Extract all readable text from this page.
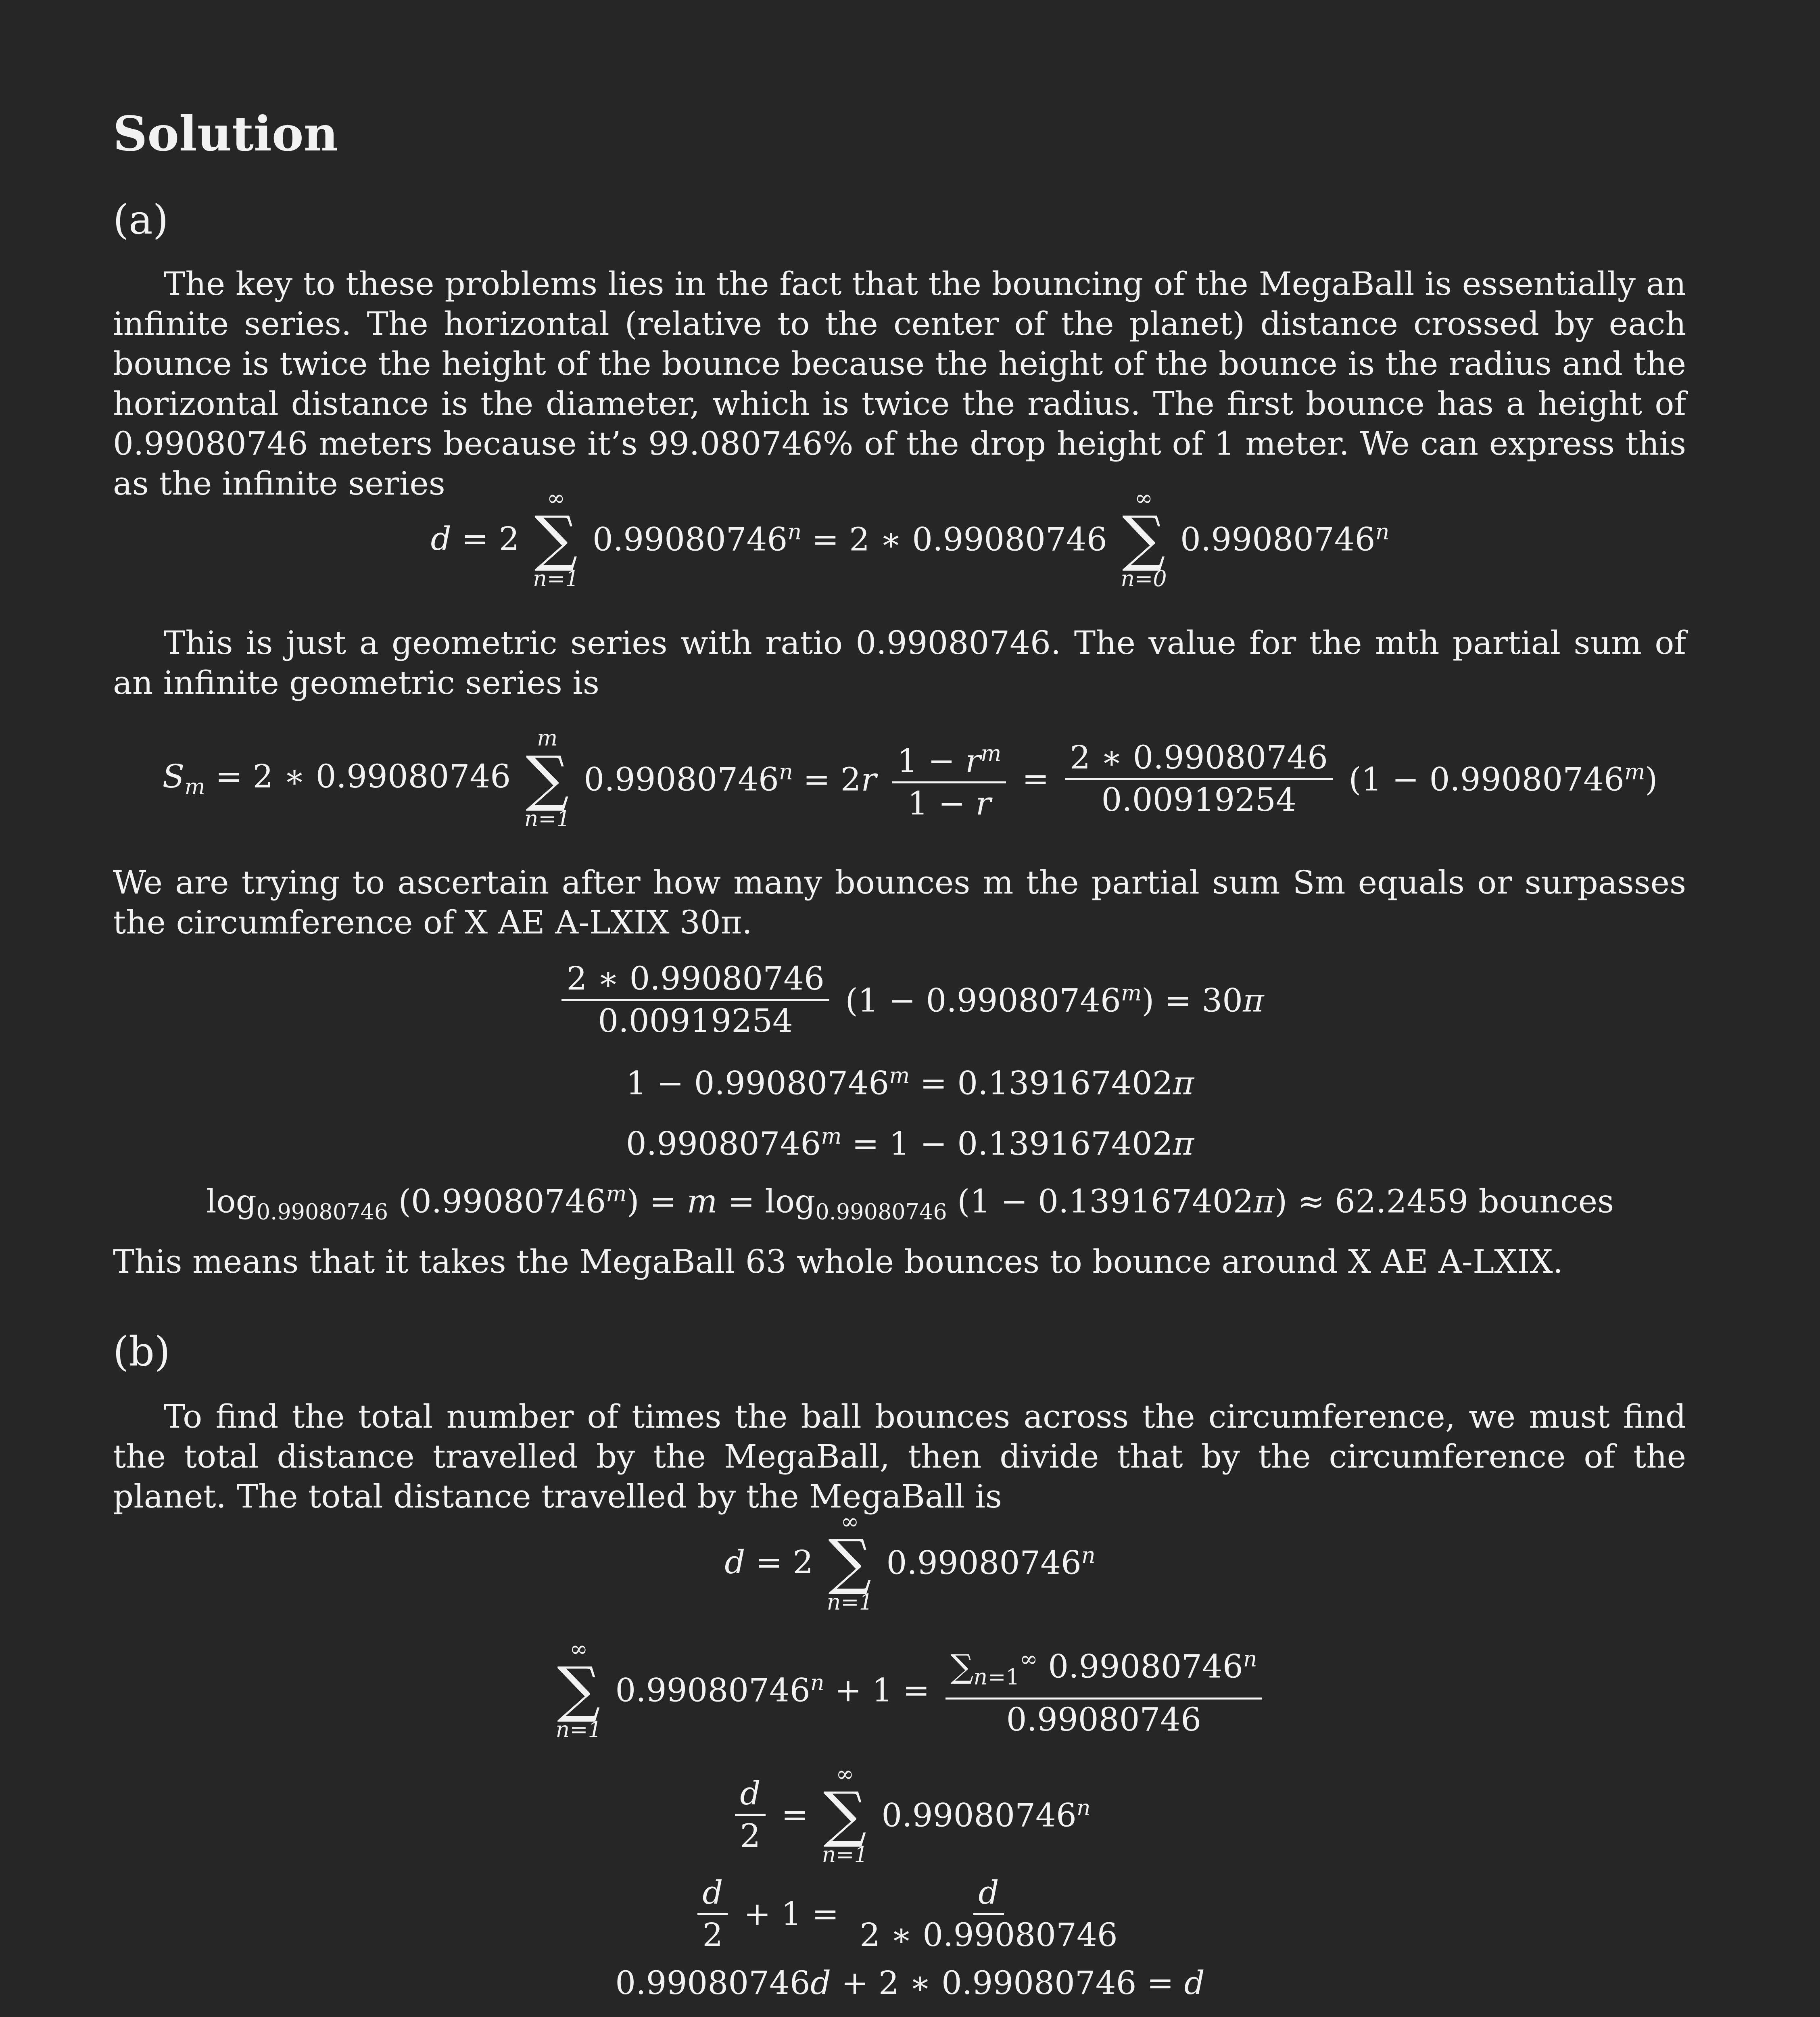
Solution
(a)
The key to these problems lies in the fact that the bouncing of the MegaBall is essentially an infinite series. The horizontal (relative to the center of the planet) distance crossed by each bounce is twice the height of the bounce because the height of the bounce is the radius and the horizontal distance is the diameter, which is twice the radius. The first bounce has a height of 0.99080746 meters because it’s 99.080746% of the drop height of 1 meter. We can express this as the infinite series
d = 2
∞
∑
n=1
$0.99080746^n = 2$ ∗ 0.99080746
∞
∑
n=0
0.99080746$^n$
This is just a geometric series with ratio 0.99080746. The value for the mth partial sum of an infinite geometric series is
$S_m = 2$ ∗ 0.99080746
m
∑
n=1
$0.99080746^n = 2r \frac{1 - r^m}{1 - r} = \frac{2 ∗ 0.99080746}{0.00919254} (1 - 0.99080746^m)$
We are trying to ascertain after how many bounces m the partial sum Sm equals or surpasses the circumference of X AE A-LXIX 30π.
$\frac{2 ∗ 0.99080746}{0.00919254} (1 - 0.99080746^m) = 30\pi$
$1 - 0.99080746^m = 0.139167402\pi$
$0.99080746^m = 1 - 0.139167402\pi$
$\log_{0.99080746} (0.99080746^m) = m = \log_{0.99080746} (1 - 0.139167402\pi) \approx 62.2459$ bounces
This means that it takes the MegaBall 63 whole bounces to bounce around X AE A-LXIX.
(b)
To find the total number of times the ball bounces across the circumference, we must find the total distance travelled by the MegaBall, then divide that by the circumference of the planet. The total distance travelled by the MegaBall is
d = 2
∞
∑
n=1
0.99080746$^n$
∞
∑
n=1
$0.99080746^n + 1 = \frac{\sum_{n=1}^\infty 0.99080746^n}{0.99080746}$
$\frac{d}{2}$ =
∞
∑
n=1
0.99080746$^n$
$\frac{d}{2} + 1 = \frac{d}{2 ∗ 0.99080746}$
0.99080746d + 2 ∗ 0.99080746 = d
